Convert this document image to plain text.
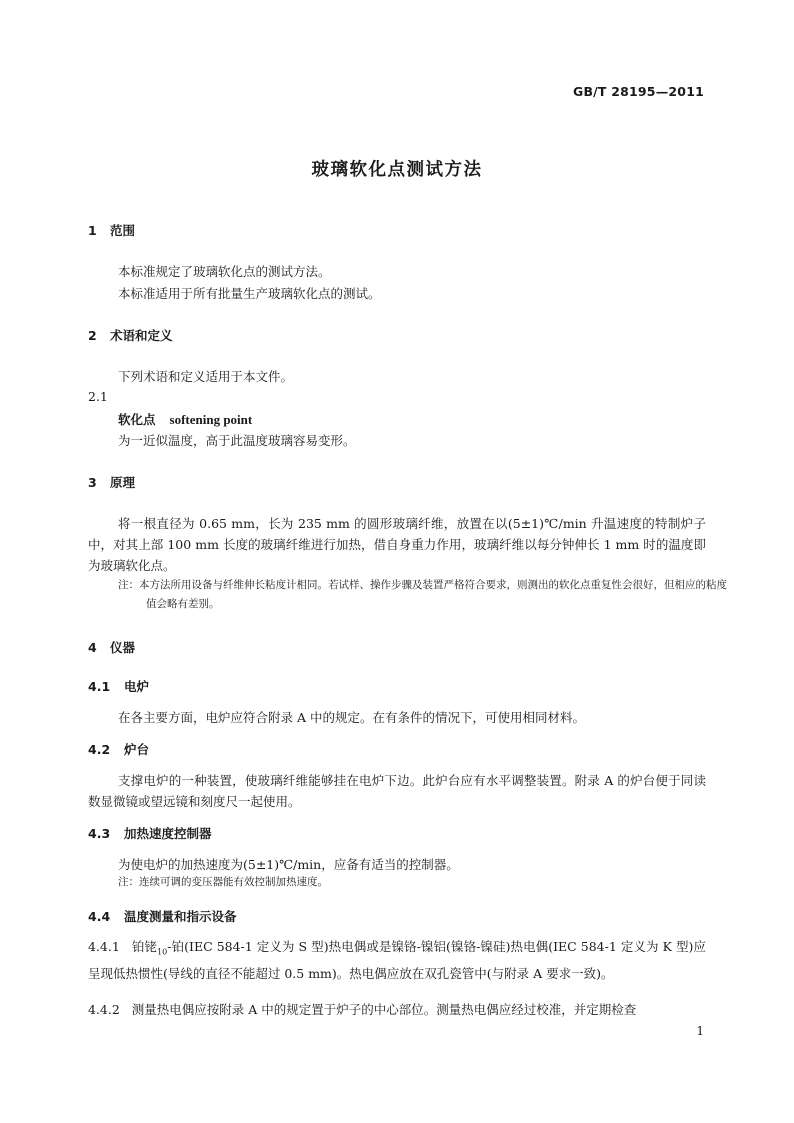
GB/T 28195—2011
玻璃软化点测试方法
1 范围

本标准规定了玻璃软化点的测试方法。

本标准适用于所有批量生产玻璃软化点的测试。

2 术语和定义

下列术语和定义适用于本文件。

2.1
软化点 softening point

为一近似温度，高于此温度玻璃容易变形。

3 原理

将一根直径为 0.65 mm，长为 235 mm 的圆形玻璃纤维，放置在以(5±1)℃/min 升温速度的特制炉子中，对其上部 100 mm 长度的玻璃纤维进行加热，借自身重力作用，玻璃纤维以每分钟伸长 1 mm 时的温度即为玻璃软化点。

注：本方法所用设备与纤维伸长粘度计相同。若试样、操作步骤及装置严格符合要求，则测出的软化点重复性会很好，但相应的粘度值会略有差别。

4 仪器
4.1 电炉

在各主要方面，电炉应符合附录 A 中的规定。在有条件的情况下，可使用相同材料。

4.2 炉台

支撑电炉的一种装置，使玻璃纤维能够挂在电炉下边。此炉台应有水平调整装置。附录 A 的炉台便于同读数显微镜或望远镜和刻度尺一起使用。

4.3 加热速度控制器

为使电炉的加热速度为(5±1)℃/min，应备有适当的控制器。

注：连续可调的变压器能有效控制加热速度。

4.4 温度测量和指示设备

4.4.1 铂铑$_{10}$-铂(IEC 584-1 定义为 S 型)热电偶或是镍铬-镍铝(镍铬-镍硅)热电偶(IEC 584-1 定义为 K 型)应呈现低热惯性(导线的直径不能超过 0.5 mm)。热电偶应放在双孔瓷管中(与附录 A 要求一致)。

4.4.2 测量热电偶应按附录 A 中的规定置于炉子的中心部位。测量热电偶应经过校准，并定期检查

1
